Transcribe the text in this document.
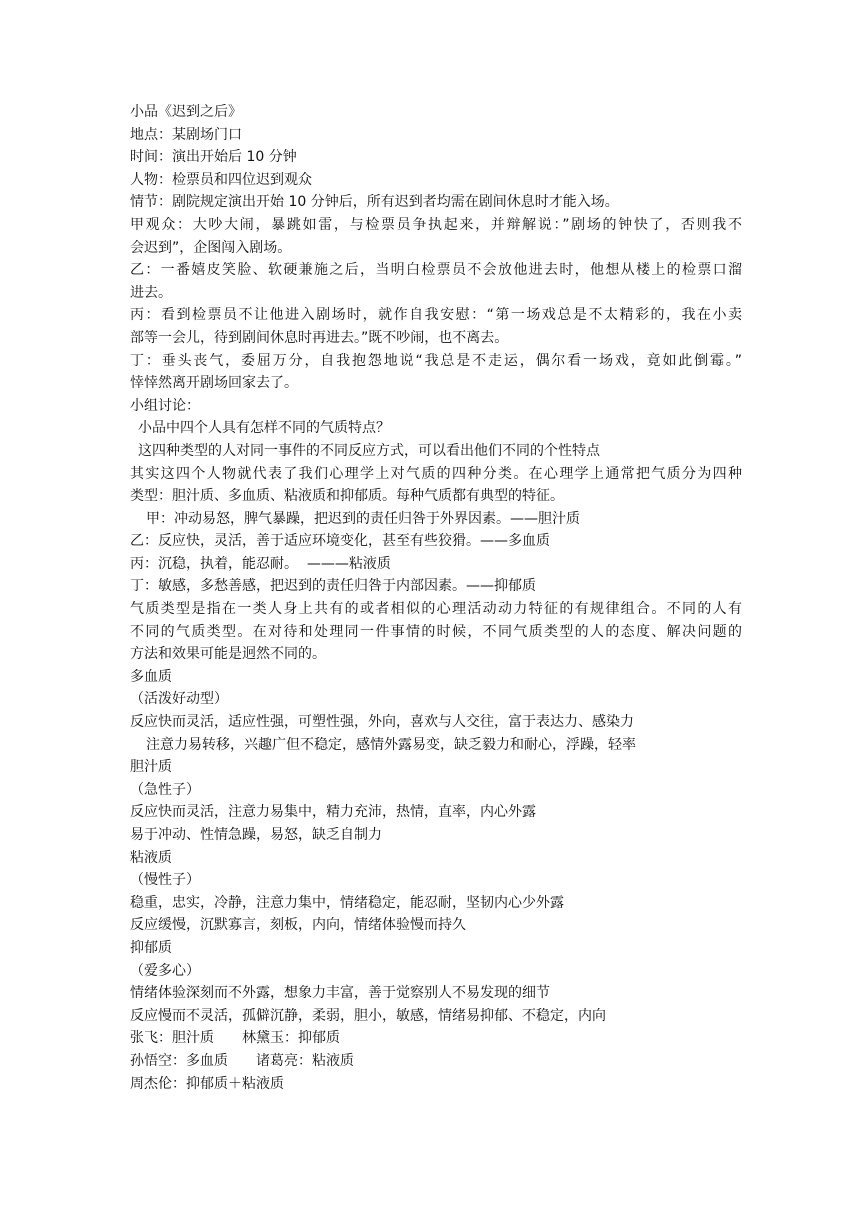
小品《迟到之后》

地点：某剧场门口

时间：演出开始后 10 分钟

人物：检票员和四位迟到观众

情节：剧院规定演出开始 10 分钟后，所有迟到者均需在剧间休息时才能入场。

甲观众：大吵大闹，暴跳如雷，与检票员争执起来，并辩解说：”剧场的钟快了，否则我不

会迟到”，企图闯入剧场。

乙：一番嬉皮笑脸、软硬兼施之后，当明白检票员不会放他进去时，他想从楼上的检票口溜

进去。

丙：看到检票员不让他进入剧场时，就作自我安慰：“第一场戏总是不太精彩的，我在小卖

部等一会儿，待到剧间休息时再进去。”既不吵闹，也不离去。

丁：垂头丧气，委屈万分，自我抱怨地说“我总是不走运，偶尔看一场戏，竟如此倒霉。”

悻悻然离开剧场回家去了。

小组讨论：

小品中四个人具有怎样不同的气质特点？

这四种类型的人对同一事件的不同反应方式，可以看出他们不同的个性特点

其实这四个人物就代表了我们心理学上对气质的四种分类。在心理学上通常把气质分为四种

类型：胆汁质、多血质、粘液质和抑郁质。每种气质都有典型的特征。

甲：冲动易怒，脾气暴躁，把迟到的责任归咎于外界因素。——胆汁质

乙：反应快，灵活，善于适应环境变化，甚至有些狡猾。——多血质

丙：沉稳，执着，能忍耐。  ———粘液质

丁：敏感，多愁善感，把迟到的责任归咎于内部因素。——抑郁质

气质类型是指在一类人身上共有的或者相似的心理活动动力特征的有规律组合。不同的人有

不同的气质类型。在对待和处理同一件事情的时候，不同气质类型的人的态度、解决问题的

方法和效果可能是迥然不同的。

多血质

（活泼好动型）

反应快而灵活，适应性强，可塑性强，外向，喜欢与人交往，富于表达力、感染力

注意力易转移，兴趣广但不稳定，感情外露易变，缺乏毅力和耐心，浮躁，轻率

胆汁质

（急性子）

反应快而灵活，注意力易集中，精力充沛，热情，直率，内心外露

易于冲动、性情急躁，易怒，缺乏自制力

粘液质

（慢性子）

稳重，忠实，冷静，注意力集中，情绪稳定，能忍耐，坚韧内心少外露

反应缓慢，沉默寡言，刻板，内向，情绪体验慢而持久

抑郁质

（爱多心）

情绪体验深刻而不外露，想象力丰富，善于觉察别人不易发现的细节

反应慢而不灵活，孤僻沉静，柔弱，胆小，敏感，情绪易抑郁、不稳定，内向

张飞：胆汁质 林黛玉：抑郁质

孙悟空：多血质 诸葛亮：粘液质

周杰伦：抑郁质＋粘液质
